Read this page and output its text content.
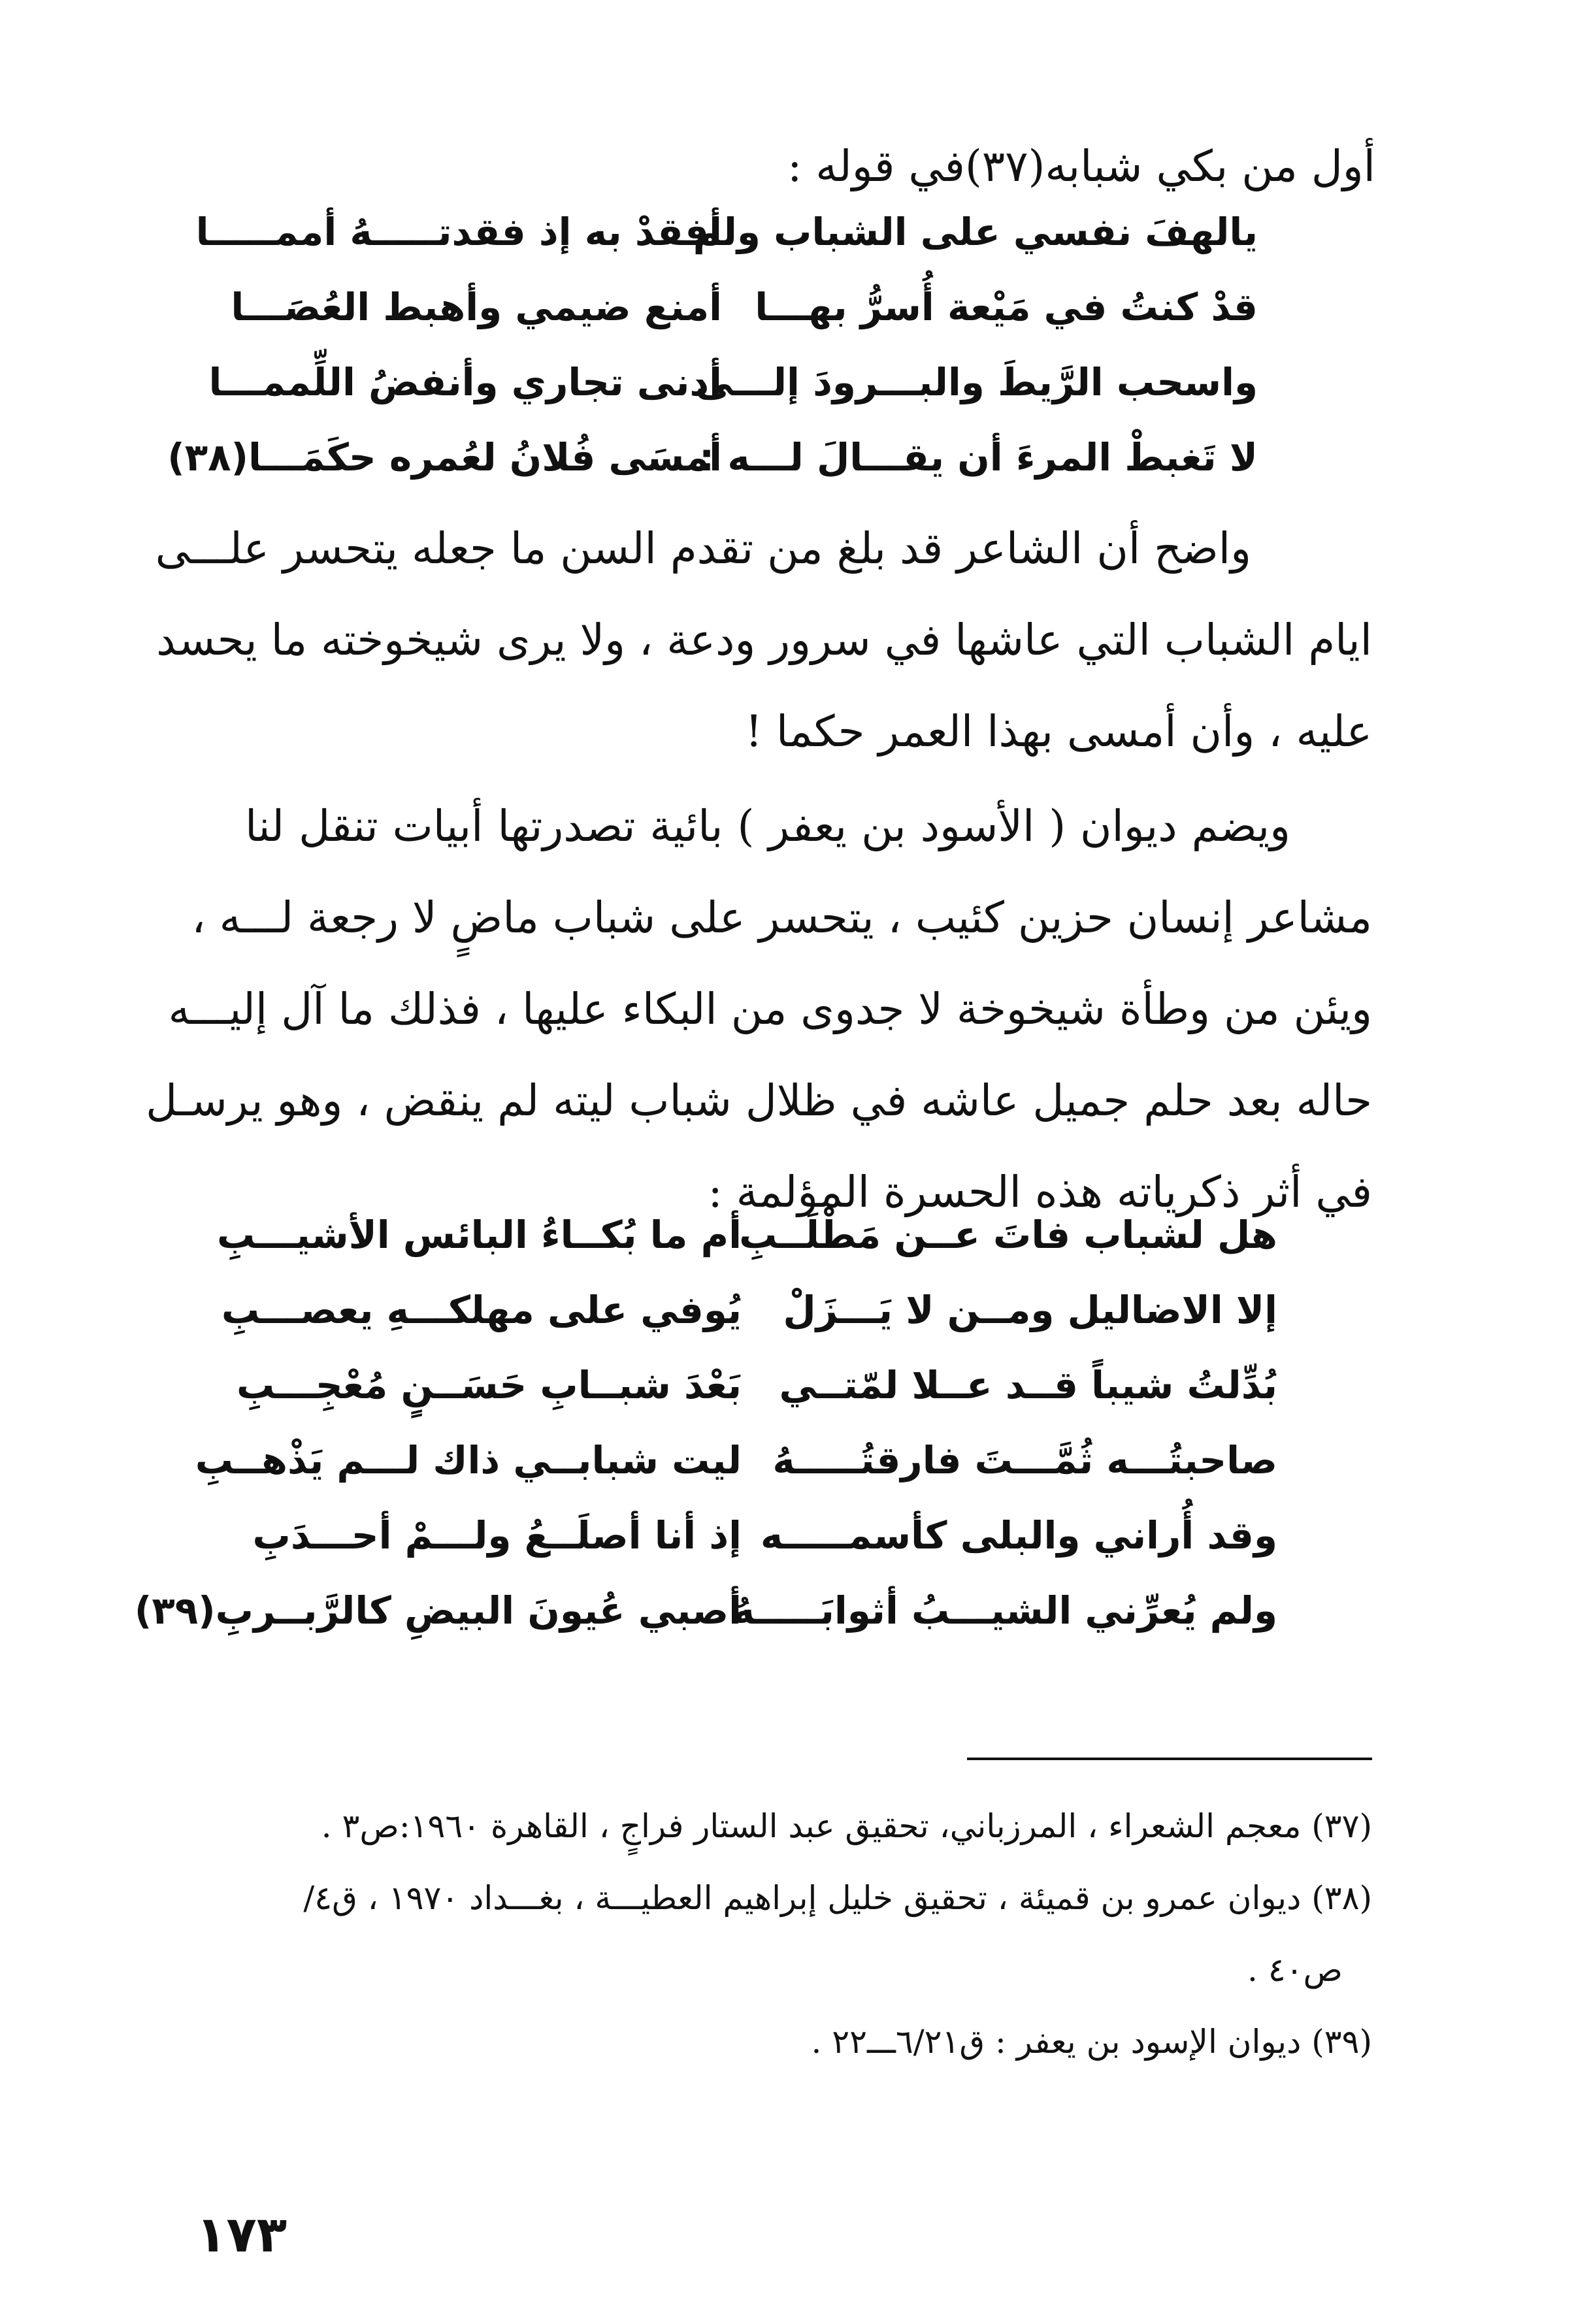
أول من بكي شبابه(٣٧)في قوله :
يالهفَ نفسي على الشباب ولم
أفقدْ به إذ فقدتـــــهُ أممـــــا
قدْ كنتُ في مَيْعة أُسرُّ بهـــا
أمنع ضيمي وأهبط العُصَـــا
واسحب الرَّيطَ والبـــرودَ إلـــى
أدنى تجاري وأنفضُ اللِّممـــا
لا تَغبطْ المرءَ أن يقـــالَ لـــه :
أمسَى فُلانُ لعُمره حكَمَـــا(٣٨)
واضح أن الشاعر قد بلغ من تقدم السن ما جعله يتحسر علـــى
ايام الشباب التي عاشها في سرور ودعة ، ولا يرى شيخوخته ما يحسد
عليه ، وأن أمسى بهذا العمر حكما !
ويضم ديوان ( الأسود بن يعفر ) بائية تصدرتها أبيات تنقل لنا
مشاعر إنسان حزين كئيب ، يتحسر على شباب ماضٍ لا رجعة لـــه ،
ويئن من وطأة شيخوخة لا جدوى من البكاء عليها ، فذلك ما آل إليـــه
حاله بعد حلم جميل عاشه في ظلال شباب ليته لم ينقض ، وهو يرسـل
في أثر ذكرياته هذه الحسرة المؤلمة :
هل لشباب فاتَ عــن مَطْلَــبِ
أم ما بُكــاءُ البائس الأشيـــبِ
إلا الاضاليل ومــن لا يَـــزَلْ
يُوفي على مهلكـــهِ يعصـــبِ
بُدِّلتُ شيباً قــد عــلا لمّتــي
بَعْدَ شبــابِ حَسَــنٍ مُعْجِـــبِ
صاحبتُـــه ثُمَّـــتَ فارقتُـــــهُ
ليت شبابــي ذاك لـــم يَذْهــبِ
وقد أُراني والبلى كأسمـــــه
إذ أنا أصلَــعُ ولـــمْ أحـــدَبِ
ولم يُعرِّني الشيـــبُ أثوابَـــــهُ
أصبي عُيونَ البيضِ كالرَّبــربِ(٣٩)
(٣٧) معجم الشعراء ، المرزباني، تحقيق عبد الستار فراجٍ ، القاهرة ١٩٦٠:ص٣ .
(٣٨) ديوان عمرو بن قميئة ، تحقيق خليل إبراهيم العطيـــة ، بغـــداد ١٩٧٠ ، ق٤/
ص٤٠ .
(٣٩) ديوان الإسود بن يعفر : ق٦/٢١ـــ٢٢ .
١٧٣
